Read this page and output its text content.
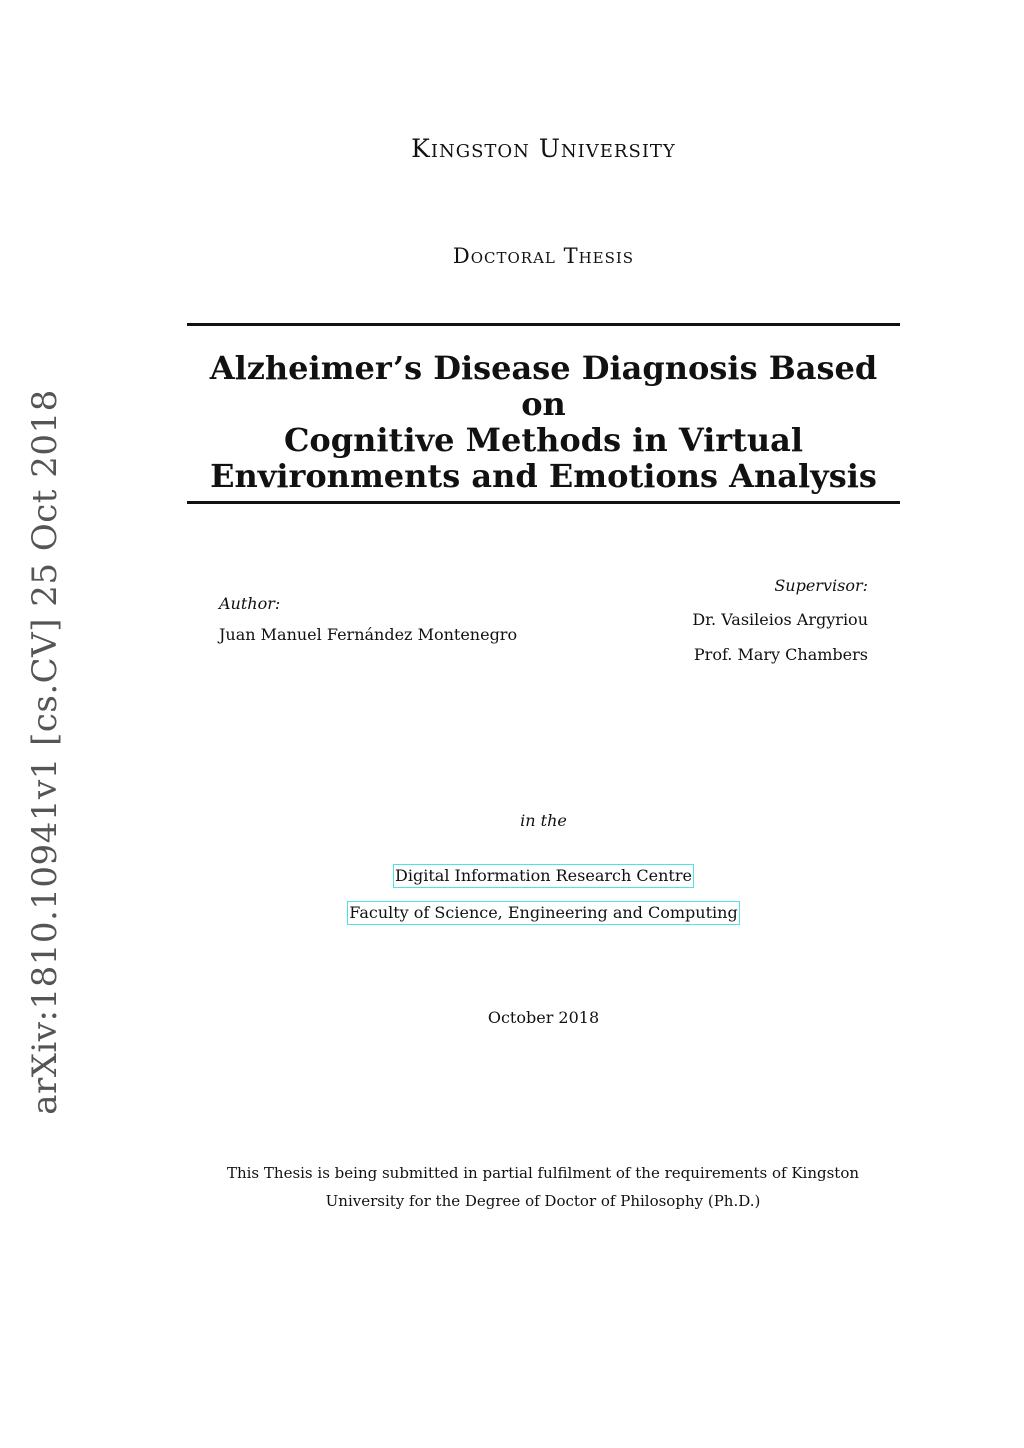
arXiv:1810.10941v1 [cs.CV] 25 Oct 2018
Kingston University
Doctoral Thesis
Alzheimer’s Disease Diagnosis Based on
Cognitive Methods in Virtual
Environments and Emotions Analysis
Author:
Juan Manuel Fernández Montenegro
Supervisor:
Dr. Vasileios Argyriou
Prof. Mary Chambers
in the
Digital Information Research Centre
Faculty of Science, Engineering and Computing
October 2018
This Thesis is being submitted in partial fulfilment of the requirements of Kingston
University for the Degree of Doctor of Philosophy (Ph.D.)
